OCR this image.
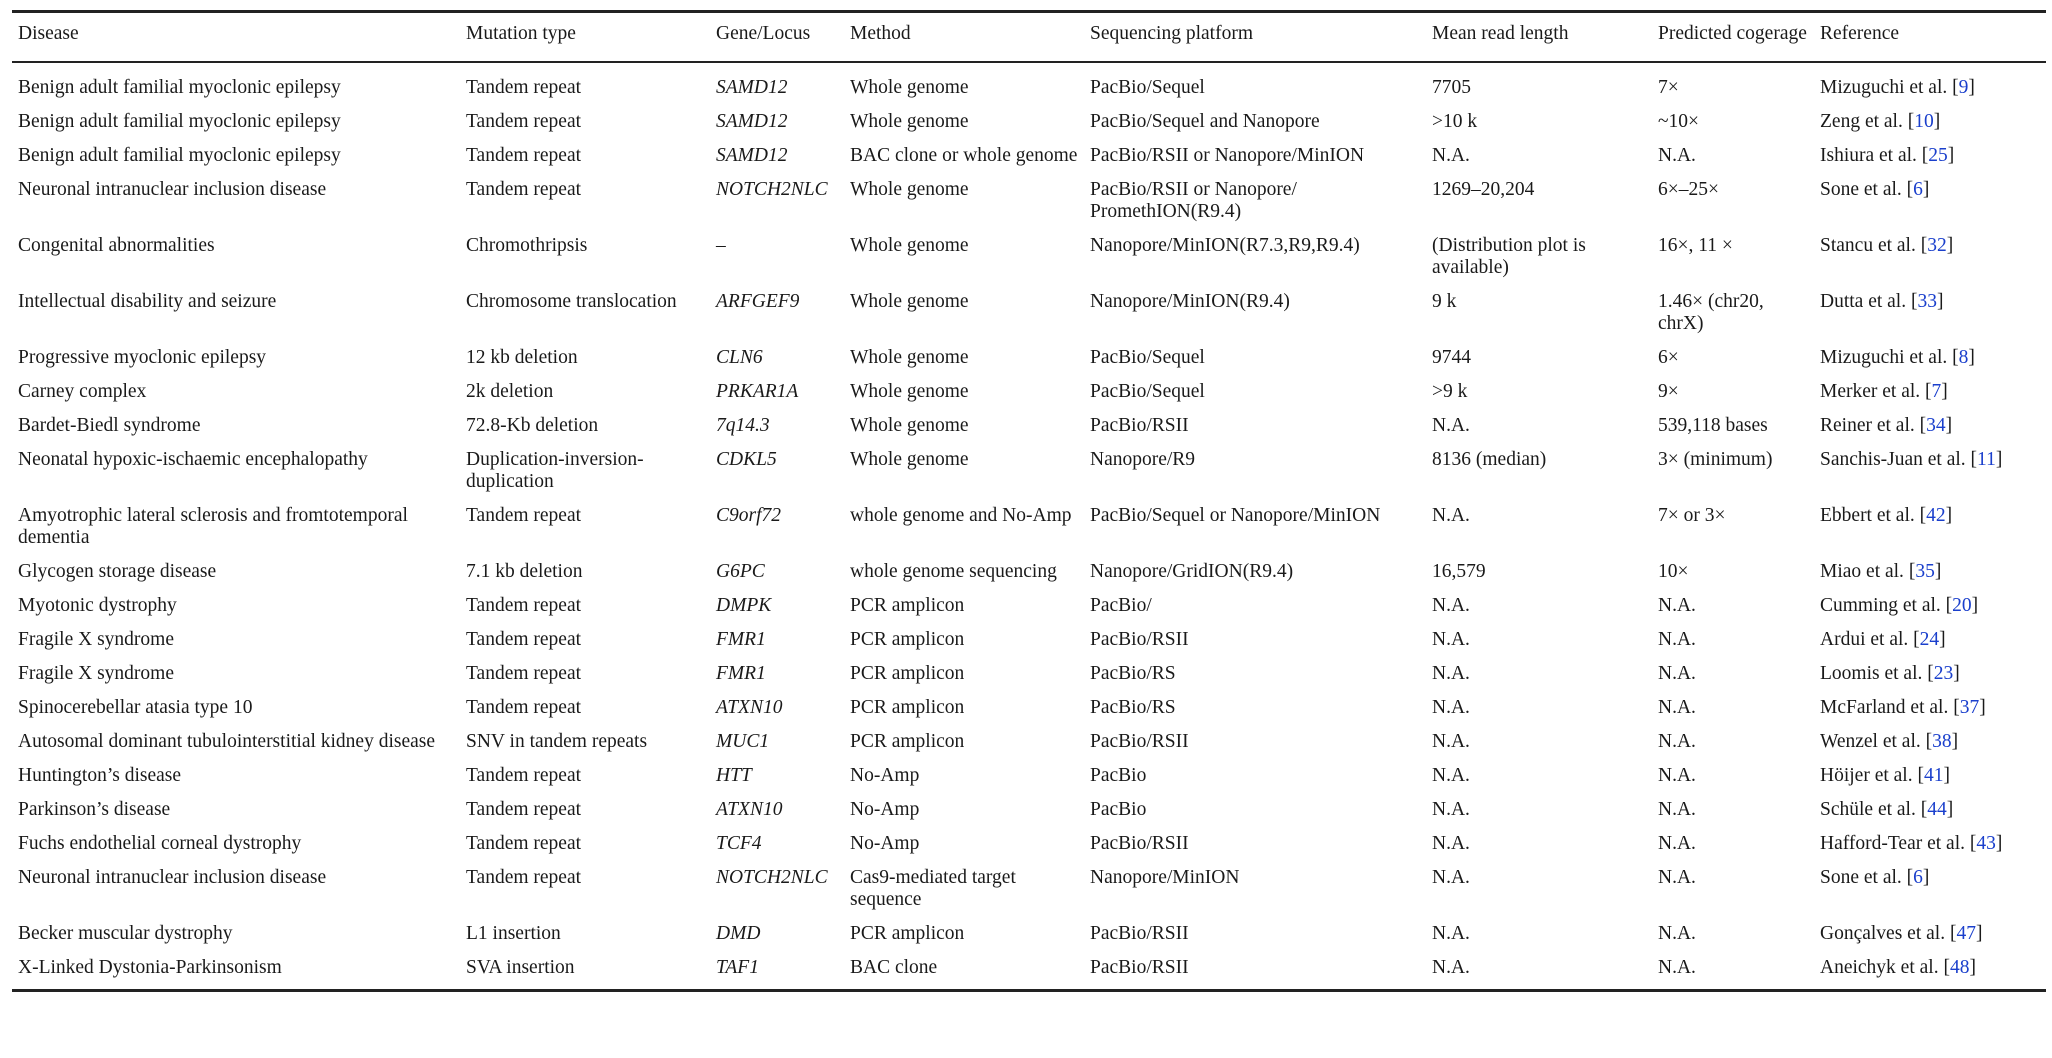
Disease	Mutation type	Gene/Locus	Method	Sequencing platform	Mean read length	Predicted cogerage	Reference
Benign adult familial myoclonic epilepsy	Tandem repeat	SAMD12	Whole genome	PacBio/Sequel	7705	7×	Mizuguchi et al. [9]
Benign adult familial myoclonic epilepsy	Tandem repeat	SAMD12	Whole genome	PacBio/Sequel and Nanopore	>10 k	~10×	Zeng et al. [10]
Benign adult familial myoclonic epilepsy	Tandem repeat	SAMD12	BAC clone or whole genome	PacBio/RSII or Nanopore/MinION	N.A.	N.A.	Ishiura et al. [25]
Neuronal intranuclear inclusion disease	Tandem repeat	NOTCH2NLC	Whole genome	PacBio/RSII or Nanopore/ PromethION(R9.4)	1269–20,204	6×–25×	Sone et al. [6]
Congenital abnormalities	Chromothripsis	–	Whole genome	Nanopore/MinION(R7.3,R9,R9.4)	(Distribution plot is available)	16×, 11 ×	Stancu et al. [32]
Intellectual disability and seizure	Chromosome translocation	ARFGEF9	Whole genome	Nanopore/MinION(R9.4)	9 k	1.46× (chr20, chrX)	Dutta et al. [33]
Progressive myoclonic epilepsy	12 kb deletion	CLN6	Whole genome	PacBio/Sequel	9744	6×	Mizuguchi et al. [8]
Carney complex	2k deletion	PRKAR1A	Whole genome	PacBio/Sequel	>9 k	9×	Merker et al. [7]
Bardet-Biedl syndrome	72.8-Kb deletion	7q14.3	Whole genome	PacBio/RSII	N.A.	539,118 bases	Reiner et al. [34]
Neonatal hypoxic-ischaemic encephalopathy	Duplication-inversion-duplication	CDKL5	Whole genome	Nanopore/R9	8136 (median)	3× (minimum)	Sanchis-Juan et al. [11]
Amyotrophic lateral sclerosis and fromtotemporal dementia	Tandem repeat	C9orf72	whole genome and No-Amp	PacBio/Sequel or Nanopore/MinION	N.A.	7× or 3×	Ebbert et al. [42]
Glycogen storage disease	7.1 kb deletion	G6PC	whole genome sequencing	Nanopore/GridION(R9.4)	16,579	10×	Miao et al. [35]
Myotonic dystrophy	Tandem repeat	DMPK	PCR amplicon	PacBio/	N.A.	N.A.	Cumming et al. [20]
Fragile X syndrome	Tandem repeat	FMR1	PCR amplicon	PacBio/RSII	N.A.	N.A.	Ardui et al. [24]
Fragile X syndrome	Tandem repeat	FMR1	PCR amplicon	PacBio/RS	N.A.	N.A.	Loomis et al. [23]
Spinocerebellar atasia type 10	Tandem repeat	ATXN10	PCR amplicon	PacBio/RS	N.A.	N.A.	McFarland et al. [37]
Autosomal dominant tubulointerstitial kidney disease	SNV in tandem repeats	MUC1	PCR amplicon	PacBio/RSII	N.A.	N.A.	Wenzel et al. [38]
Huntington’s disease	Tandem repeat	HTT	No-Amp	PacBio	N.A.	N.A.	Höijer et al. [41]
Parkinson’s disease	Tandem repeat	ATXN10	No-Amp	PacBio	N.A.	N.A.	Schüle et al. [44]
Fuchs endothelial corneal dystrophy	Tandem repeat	TCF4	No-Amp	PacBio/RSII	N.A.	N.A.	Hafford-Tear et al. [43]
Neuronal intranuclear inclusion disease	Tandem repeat	NOTCH2NLC	Cas9-mediated target sequence	Nanopore/MinION	N.A.	N.A.	Sone et al. [6]
Becker muscular dystrophy	L1 insertion	DMD	PCR amplicon	PacBio/RSII	N.A.	N.A.	Gonçalves et al. [47]
X-Linked Dystonia-Parkinsonism	SVA insertion	TAF1	BAC clone	PacBio/RSII	N.A.	N.A.	Aneichyk et al. [48]
